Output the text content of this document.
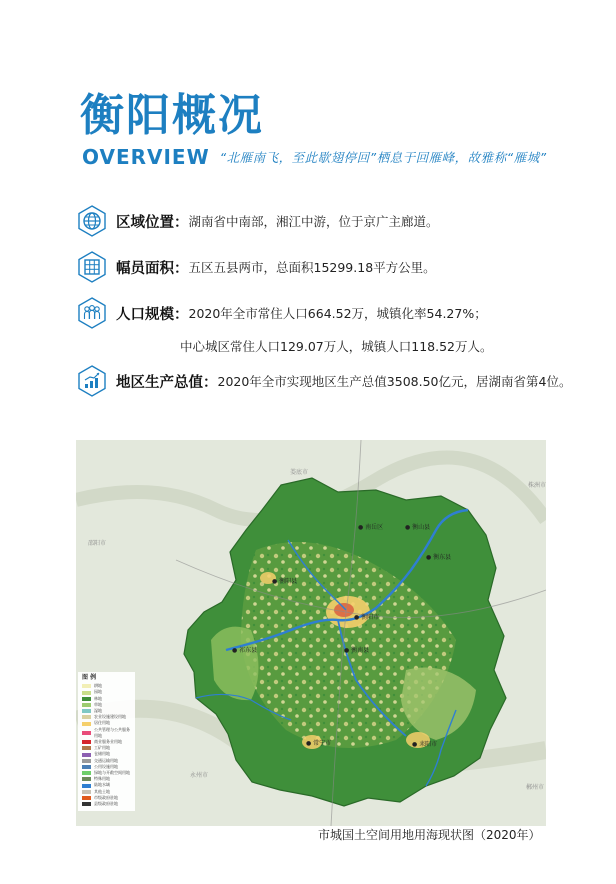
衡阳概况
OVERVIEW “北雁南飞，至此歇翅停回”栖息于回雁峰，故雅称“雁城”
区域位置 ： 湖南省中南部，湘江中游，位于京广主廊道。
幅员面积 ： 五区五县两市，总面积15299.18平方公里。
人口规模 ： 2020年全市常住人口664.52万，城镇化率54.27%；
中心城区常住人口129.07万人，城镇人口118.52万人。
地区生产总值 ： 2020年全市实现地区生产总值3508.50亿元，居湖南省第4位。
● 衡阳市
● 衡阳县
● 衡南县
● 南岳区	● 衡山县
● 衡东县
● 祁东县
● 常宁市	● 耒阳市
娄底市
邵阳市
株洲市
永州市
郴州市
图 例
耕地
园地
林地
草地
湿地
农业设施建设用地
居住用地
公共管理与公共服务用地
商业服务业用地
工矿用地
仓储用地
交通运输用地
公用设施用地
绿地与开敞空间用地
特殊用地
陆地水域
其他土地
市级政府驻地
县级政府驻地
市城国土空间用地用海现状图（2020年）
